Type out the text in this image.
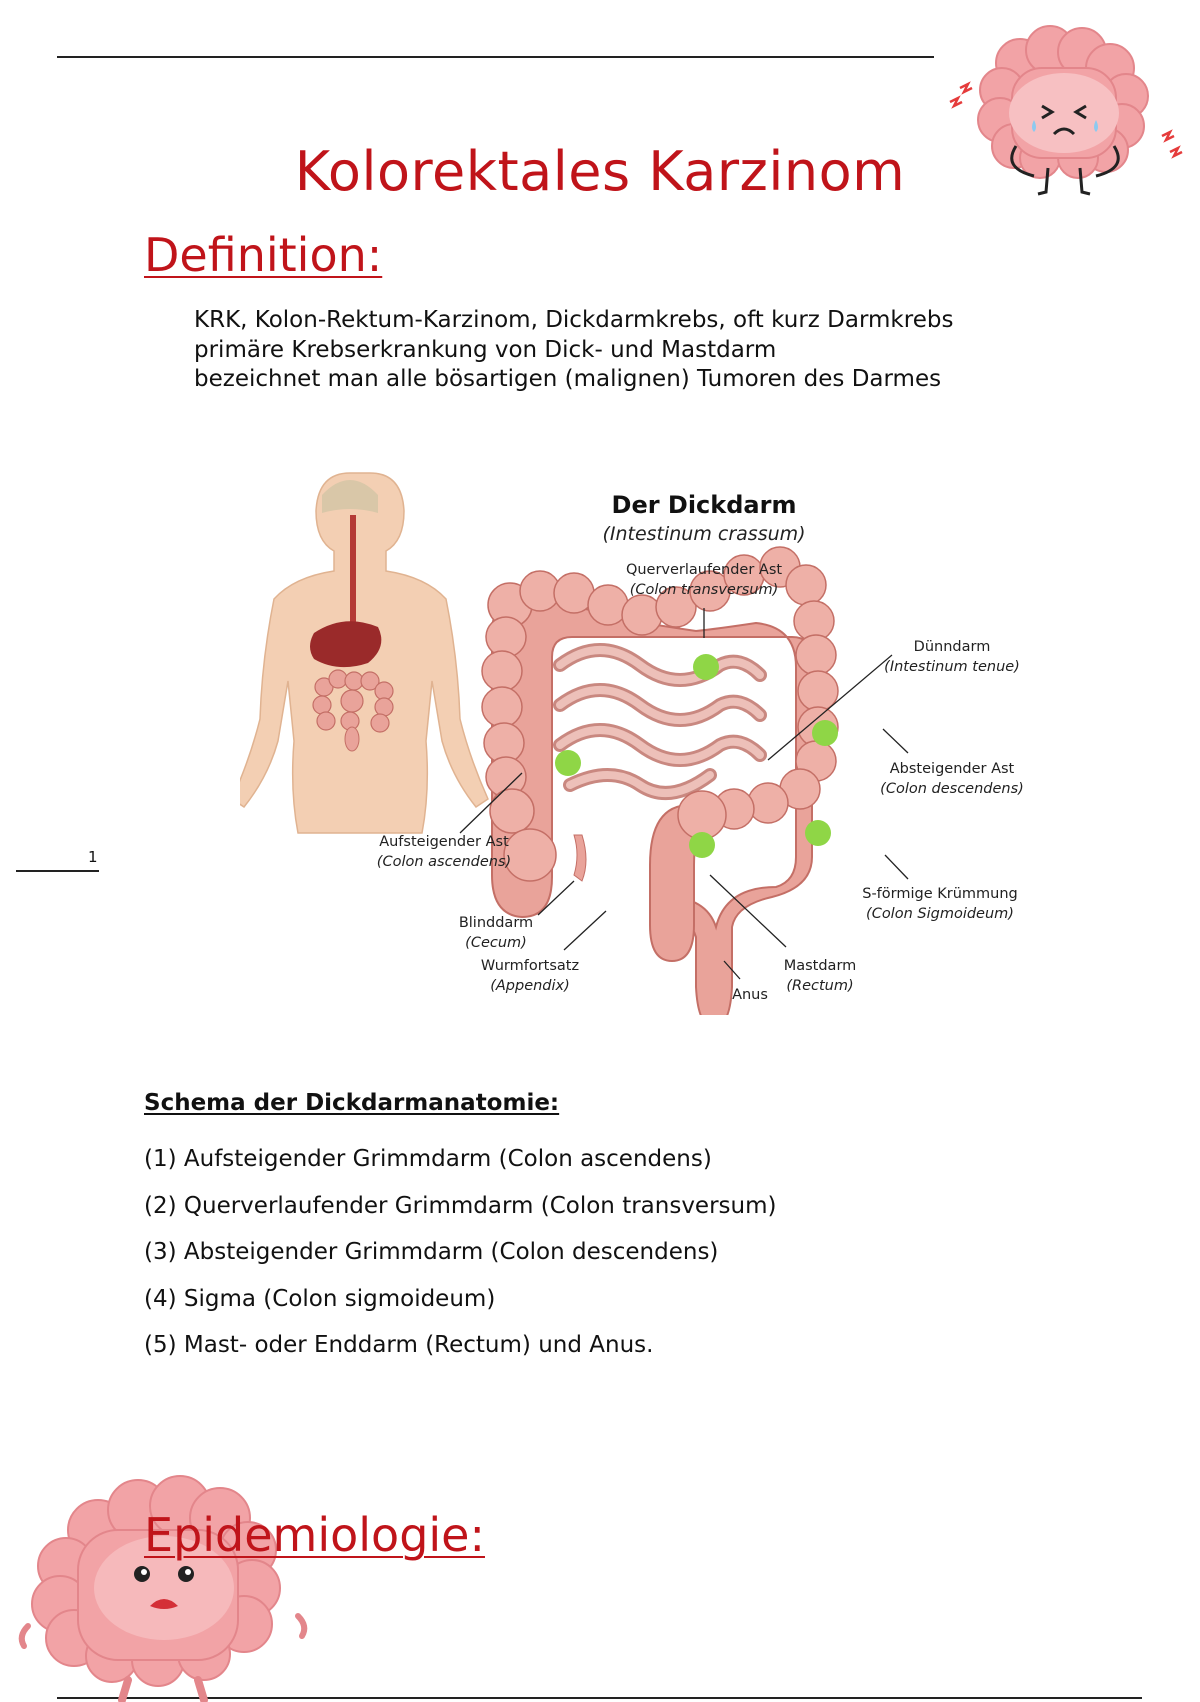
Kolorektales Karzinom
Definition:
KRK, Kolon-Rektum-Karzinom, Dickdarmkrebs, oft kurz Darmkrebs
primäre Krebserkrankung von Dick- und Mastdarm
bezeichnet man alle bösartigen (malignen) Tumoren des Darmes
Der Dickdarm
(Intestinum crassum)
Querverlaufender Ast
(Colon transversum)
Dünndarm
(Intestinum tenue)
Absteigender Ast
(Colon descendens)
Aufsteigender Ast
(Colon ascendens)
S-förmige Krümmung
(Colon Sigmoideum)
Blinddarm
(Cecum)
Wurmfortsatz
(Appendix)
Mastdarm
(Rectum)
Anus
1
Schema der Dickdarmanatomie:
(1) Aufsteigender Grimmdarm (Colon ascendens)
(2) Querverlaufender Grimmdarm (Colon transversum)
(3) Absteigender Grimmdarm (Colon descendens)
(4) Sigma (Colon sigmoideum)
(5) Mast- oder Enddarm (Rectum) und Anus.
Epidemiologie:
